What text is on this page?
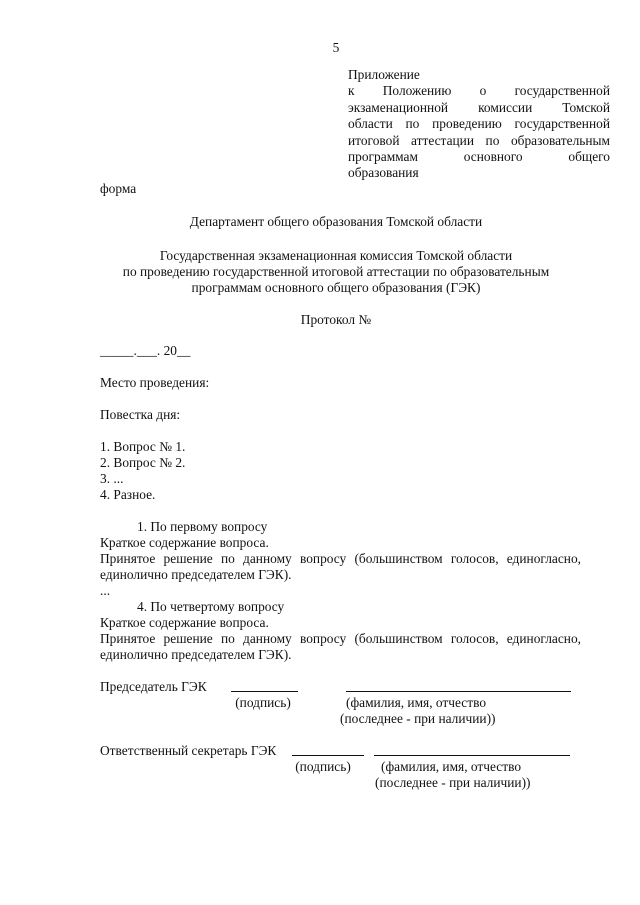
5
Приложение
к Положению о государственной
экзаменационной комиссии Томской
области по проведению государственной
итоговой аттестации по образовательным
программам основного общего
образования
форма
Департамент общего образования Томской области
Государственная экзаменационная комиссия Томской области
по проведению государственной итоговой аттестации по образовательным
программам основного общего образования (ГЭК)
Протокол №
_____.___. 20__
Место проведения:
Повестка дня:
1. Вопрос № 1.
2. Вопрос № 2.
3. ...
4. Разное.
1. По первому вопросу
Краткое содержание вопроса.
Принятое решение по данному вопросу (большинством голосов, единогласно,
единолично председателем ГЭК).
...
4. По четвертому вопросу
Краткое содержание вопроса.
Принятое решение по данному вопросу (большинством голосов, единогласно,
единолично председателем ГЭК).
Председатель ГЭК
(подпись)	(фамилия, имя, отчество
(последнее - при наличии))
Ответственный секретарь ГЭК
(подпись)	(фамилия, имя, отчество
(последнее - при наличии))
